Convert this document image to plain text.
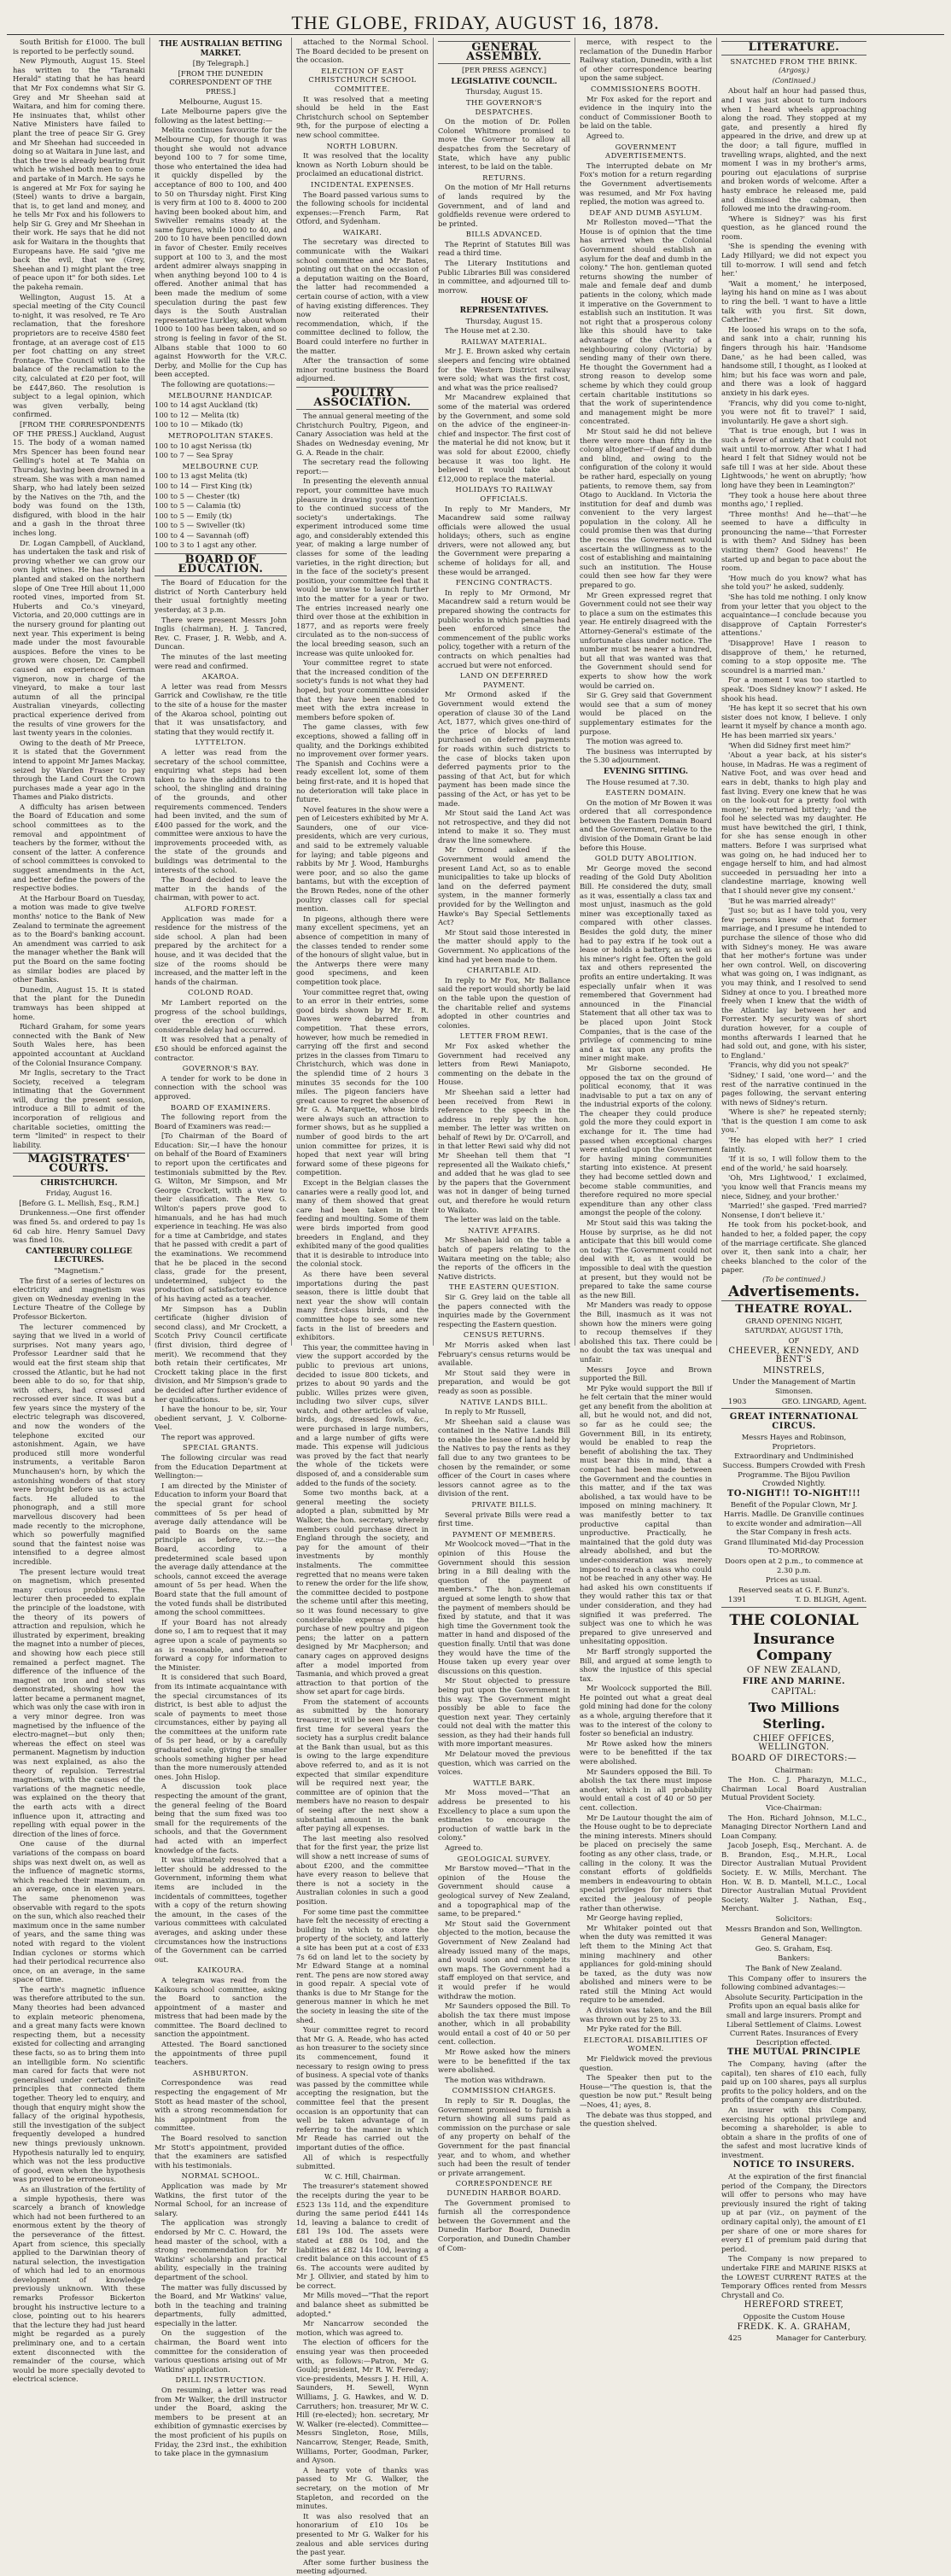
THE GLOBE, FRIDAY, AUGUST 16, 1878.

South British for £1000. The bull is reported to be perfectly sound.

New Plymouth, August 15. Steel has written to the "Taranaki Herald" stating that he has heard that Mr Fox condemns what Sir G. Grey and Mr Sheehan said at Waitara, and him for coming there. He insinuates that, whilst other Native Ministers have failed to plant the tree of peace Sir G. Grey and Mr Sheehan had succeeded in doing so at Waitara in June last, and that the tree is already bearing fruit which he wished both men to come and partake of in March. He says he is angered at Mr Fox for saying he (Steel) wants to drive a bargain, that is, to get land and money, and he tells Mr Fox and his followers to help Sir G. Grey and Mr Sheehan in their work. He says that he did not ask for Waitara in the thoughts that Europeans have. He said "give me back the evil, that we (Grey, Sheehan and I) might plant the tree of peace upon it" for both sides. Let the pakeha remain.

Wellington, August 15. At a special meeting of the City Council to-night, it was resolved, re Te Aro reclamation, that the foreshore proprietors are to receive 4580 feet frontage, at an average cost of £15 per foot chatting on any street frontage. The Council will take the balance of the reclamation to the city, calculated at £20 per foot, will be £447,860. The resolution is subject to a legal opinion, which was given verbally, being confirmed.

[FROM THE CORRESPONDENTS OF THE PRESS.] Auckland, August 15. The body of a woman named Mrs Spencer has been found near Gelling's hotel at Te Mahia on Thursday, having been drowned in a stream. She was with a man named Sharp, who had lately been seized by the Natives on the 7th, and the body was found on the 13th, disfigured, with blood in the hair and a gash in the throat three inches long.

Dr. Logan Campbell, of Auckland, has undertaken the task and risk of proving whether we can grow our own light wines. He has lately had planted and staked on the northern slope of One Tree Hill about 11,000 rooted vines, imported from St. Huberts and Co.'s vineyard, Victoria, and 20,000 cuttings are in the nursery ground for planting out next year. This experiment is being made under the most favourable auspices. Before the vines to be grown were chosen, Dr. Campbell caused an experienced German vigneron, now in charge of the vineyard, to make a tour last autumn of all the principal Australian vineyards, collecting practical experience derived from the results of vine growers for the last twenty years in the colonies.

Owing to the death of Mr Preece, it is stated that the Government intend to appoint Mr James Mackay, seized by Warden Fraser to pay through the Land Court the Crown purchases made a year ago in the Thames and Piako districts.

A difficulty has arisen between the Board of Education and some school committees as to the removal and appointment of teachers by the former, without the consent of the latter. A conference of school committees is convoked to suggest amendments in the Act, and better define the powers of the respective bodies.

At the Harbour Board on Tuesday, a motion was made to give twelve months' notice to the Bank of New Zealand to terminate the agreement as to the Board's banking account. An amendment was carried to ask the manager whether the Bank will put the Board on the same footing as similar bodies are placed by other Banks.

Dunedin, August 15. It is stated that the plant for the Dunedin tramways has been shipped at home.

Richard Graham, for some years connected with the Bank of New South Wales here, has been appointed accountant at Auckland of the Colonial Insurance Company.

Mr Inglis, secretary to the Tract Society, received a telegram intimating that the Government will, during the present session, introduce a Bill to admit of the incorporation of religious and charitable societies, omitting the term "limited" in respect to their liability.

MAGISTRATES' COURTS.
CHRISTCHURCH.

Friday, August 16.

[Before G. L. Mellish, Esq., R.M.]

Drunkenness.—One first offender was fined 5s. and ordered to pay 1s 6d cab hire. Henry Samuel Davy was fined 10s.

CANTERBURY COLLEGE LECTURES.

"Magnetism."

The first of a series of lectures on electricity and magnetism was given on Wednesday evening in the Lecture Theatre of the College by Professor Bickerton.

The lecturer commenced by saying that we lived in a world of surprises. Not many years ago, Professor Leardner said that he would eat the first steam ship that crossed the Atlantic, but he had not been able to do so, for that ship, with others, had crossed and recrossed ever since. It was but a few years since the mystery of the electric telegraph was discovered, and now the wonders of the telephone excited our astonishment. Again, we have produced still more wonderful instruments, a veritable Baron Munchausen's horn, by which the astonishing wonders of that story were brought before us as actual facts. He alluded to the phonograph, and a still more marvellous discovery had been made recently to the microphone, which so powerfully magnified sound that the faintest noise was intensified to a degree almost incredible.

The present lecture would treat on magnetism, which presented many curious problems. The lecturer then proceeded to explain the principle of the loadstone, with the theory of its powers of attraction and repulsion, which he illustrated by experiment, breaking the magnet into a number of pieces, and showing how each piece still remained a perfect magnet. The difference of the influence of the magnet on iron and steel was demonstrated, showing how the latter became a permanent magnet, which was only the case with iron in a very minor degree. Iron was magnetised by the influence of the electro-magnet—but only then; whereas the effect on steel was permanent. Magnetism by induction was next explained, as also the theory of repulsion. Terrestrial magnetism, with the causes of the variations of the magnetic needle, was explained on the theory that the earth acts with a direct influence upon it, attracting and repelling with equal power in the direction of the lines of force.

One cause of the diurnal variations of the compass on board ships was next dwelt on, as well as the influence of magnetic storms, which reached their maximum, on an average, once in eleven years. The same phenomenon was observable with regard to the spots on the sun, which also reached their maximum once in the same number of years, and the same thing was noted with regard to the violent Indian cyclones or storms which had their periodical recurrence also once, on an average, in the same space of time.

The earth's magnetic influence was therefore attributed to the sun. Many theories had been advanced to explain meteoric phenomena, and a great many facts were known respecting them, but a necessity existed for collecting and arranging these facts, so as to bring them into an intelligible form. No scientific man cared for facts that were not generalised under certain definite principles that connected them together. Theory led to enquiry, and though that enquiry might show the fallacy of the original hypothesis, still the investigation of the subject frequently developed a hundred new things previously unknown. Hypothesis naturally led to enquiry, which was not the less productive of good, even when the hypothesis was proved to be erroneous.

As an illustration of the fertility of a simple hypothesis, there was scarcely a branch of knowledge which had not been furthered to an enormous extent by the theory of the perseverance of the fittest. Apart from science, this specially applied to the Darwinian theory of natural selection, the investigation of which had led to an enormous development of knowledge previously unknown. With these remarks Professor Bickerton brought his instructive lecture to a close, pointing out to his hearers that the lecture they had just heard might be regarded as a purely preliminary one, and to a certain extent disconnected with the remainder of the course, which would be more specially devoted to electrical science.

THE AUSTRALIAN BETTING MARKET.

[By Telegraph.]

[FROM THE DUNEDIN CORRESPONDENT OF THE PRESS.]

Melbourne, August 15.

Late Melbourne papers give the following as the latest betting:—

Melita continues favourite for the Melbourne Cup, for though it was thought she would not advance beyond 100 to 7 for some time, those who entertained the idea had it quickly dispelled by the acceptance of 800 to 100, and 400 to 50 on Thursday night. First King is very firm at 100 to 8. 4000 to 200 having been booked about him, and Swiveller remains steady at the same figures, while 1000 to 40, and 200 to 10 have been pencilled down in favor of Chester. Emily receives support at 100 to 3, and the most ardent admirer always snapping in when anything beyond 100 to 4 is offered. Another animal that has been made the medium of some speculation during the past few days is the South Australian representative Lurkley, about whom 1000 to 100 has been taken, and so strong is feeling in favor of the St. Albans stable that 1000 to 60 against Howworth for the V.R.C. Derby, and Mollie for the Cup has been accepted.

The following are quotations:—

MELBOURNE HANDICAP.

100 to 14 agst Auckland (tk)

100 to 12 — Melita (tk)

100 to 10 — Mikado (tk)

METROPOLITAN STAKES.

100 to 10 agst Nerissa (tk)

100 to 7 — Sea Spray

MELBOURNE CUP.

100 to 13 agst Melita (tk)

100 to 14 — First King (tk)

100 to 5 — Chester (tk)

100 to 5 — Calamia (tk)

100 to 5 — Emily (tk)

100 to 5 — Swiveller (tk)

100 to 4 — Savannah (off)

100 to 3 to 1 agst any other.

BOARD OF EDUCATION.

The Board of Education for the district of North Canterbury held their usual fortnightly meeting yesterday, at 3 p.m.

There were present Messrs John Inglis (chairman), H. J. Tancred, Rev. C. Fraser, J. R. Webb, and A. Duncan.

The minutes of the last meeting were read and confirmed.

AKAROA.

A letter was read from Messrs Garrick and Cowlishaw, re the title to the site of a house for the master of the Akaroa school, pointing out that it was unsatisfactory, and stating that they would rectify it.

LYTTELTON.

A letter was read from the secretary of the school committee, enquiring what steps had been taken to have the additions to the school, the shingling and draining of the grounds, and other requirements commenced. Tenders had been invited, and the sum of £400 passed for the work, and the committee were anxious to have the improvements proceeded with, as the state of the grounds and buildings was detrimental to the interests of the school.

The Board decided to leave the matter in the hands of the chairman, with power to act.

ALFORD FOREST.

Application was made for a residence for the mistress of the side school. A plan had been prepared by the architect for a house, and it was decided that the size of the rooms should be increased, and the matter left in the hands of the chairman.

COLOND ROAD.

Mr Lambert reported on the progress of the school buildings, over the erection of which considerable delay had occurred.

It was resolved that a penalty of £50 should be enforced against the contractor.

GOVERNOR'S BAY.

A tender for work to be done in connection with the school was approved.

BOARD OF EXAMINERS.

The following report from the Board of Examiners was read:—

[To Chairman of the Board of Education: Sir,—I have the honour on behalf of the Board of Examiners to report upon the certificates and testimonials submitted by the Rev. G. Wilton, Mr Simpson, and Mr George Crockett, with a view to their classification. The Rev. G. Wilton's papers prove good to himanuals, and he has had much experience in teaching. He was also for a time at Cambridge, and states that he passed with credit a part of the examinations. We recommend that he be placed in the second class, grade for the present, undetermined, subject to the production of satisfactory evidence of his having acted as a teacher.

Mr Simpson has a Dublin certificate (higher division of second class), and Mr Crockett, a Scotch Privy Council certificate (first division, third degree of merit). We recommend that they both retain their certificates, Mr Crockett taking place in the first division, and Mr Simpson's grade to be decided after further evidence of her qualifications.

I have the honour to be, sir, Your obedient servant, J. V. Colborne-Veel.

The report was approved.

SPECIAL GRANTS.

The following circular was read from the Education Department at Wellington:—

I am directed by the Minister of Education to inform your Board that the special grant for school committees of 5s per head of average daily attendance will be paid to Boards on the same principle as before, viz.:—the Board, according to a predetermined scale based upon the average daily attendance at the schools, cannot exceed the average amount of 5s per head. When the Board state that the full amount of the voted funds shall be distributed among the school committees.

If your Board has not already done so, I am to request that it may agree upon a scale of payments so as is reasonable, and thereafter forward a copy for information to the Minister.

It is considered that such Board, from its intimate acquaintance with the special circumstances of its district, is best able to adjust the scale of payments to meet those circumstances, either by paying all the committees at the uniform rate of 5s per head, or by a carefully graduated scale, giving the smaller schools something higher per head than the more numerously attended ones. John Hislop.

A discussion took place respecting the amount of the grant, the general feeling of the Board being that the sum fixed was too small for the requirements of the schools, and that the Government had acted with an imperfect knowledge of the facts.

It was ultimately resolved that a letter should be addressed to the Government, informing them what items are included in the incidentals of committees, together with a copy of the return showing the amount, in the cases of the various committees with calculated averages, and asking under these circumstances how the instructions of the Government can be carried out.

KAIKOURA.

A telegram was read from the Kaikoura school committee, asking the Board to sanction the appointment of a master and mistress that had been made by the committee. The Board declined to sanction the appointment.

Attested. The Board sanctioned the appointments of three pupil teachers.

ASHBURTON.

Correspondence was read respecting the engagement of Mr Stott as head master of the school, with a strong recommendation for his appointment from the committee.

The Board resolved to sanction Mr Stott's appointment, provided that the examiners are satisfied with his testimonials.

NORMAL SCHOOL.

Application was made by Mr Watkins, the first tutor of the Normal School, for an increase of salary.

The application was strongly endorsed by Mr C. C. Howard, the head master of the school, with a strong recommendation for Mr Watkins' scholarship and practical ability, especially in the training department of the school.

The matter was fully discussed by the Board, and Mr Watkins' value, both in the teaching and training departments, fully admitted, especially in the latter.

On the suggestion of the chairman, the Board went into committee for the consideration of various questions arising out of Mr Watkins' application.

DRILL INSTRUCTION.

On resuming, a letter was read from Mr Walker, the drill instructor under the Board, asking the members to be present at an exhibition of gymnastic exercises by the most proficient of his pupils on Friday, the 23rd inst., the exhibition to take place in the gymnasium

attached to the Normal School. The Board decided to be present on the occasion.

ELECTION OF EAST CHRISTCHURCH SCHOOL COMMITTEE.

It was resolved that a meeting should be held in the East Christchurch school on September 9th, for the purpose of electing a new school committee.

NORTH LOBURN.

It was resolved that the locality known as North Loburn should be proclaimed an educational district.

INCIDENTAL EXPENSES.

The Board passed various sums to the following schools for incidental expenses:—French Farm, Rat Otford, and Sydenham.

WAIKARI.

The secretary was directed to communicate with the Waikari school committee and Mr Bates, pointing out that on the occasion of a deputation waiting on the Board, the latter had recommended a certain course of action, with a view of having existing differences. They now reiterated their recommendation, which, if the committee declined to follow, the Board could interfere no further in the matter.

After the transaction of some minor routine business the Board adjourned.

POULTRY ASSOCIATION.

The annual general meeting of the Christchurch Poultry, Pigeon, and Canary Association was held at the Shades on Wednesday evening, Mr G. A. Reade in the chair.

The secretary read the following report:—

In presenting the eleventh annual report, your committee have much pleasure in drawing your attention to the continued success of the society's undertakings. The experiment introduced some time ago, and considerably extended this year, of making a large number of classes for some of the leading varieties, in the right direction; but in the face of the society's present position, your committee feel that it would be unwise to launch further into the matter for a year or two. The entries increased nearly one third over those at the exhibition in 1877, and as reports were freely circulated as to the non-success of the local breeding season, such an increase was quite unlooked for.

Your committee regret to state that the increased condition of the society's funds is not what they had hoped, but your committee consider that they have been enabled to meet with the extra increase in members before spoken of.

The game classes, with few exceptions, showed a falling off in quality, and the Dorkings exhibited no improvement over former years. The Spanish and Cochins were a ready excellent lot, some of them being first-rate, and it is hoped that no deterioration will take place in future.

Novel features in the show were a pen of Leicesters exhibited by Mr A. Saunders, one of our vice-presidents, which are very curious, and said to be extremely valuable for laying; and table pigeons and rabbits by Mr J. Wood, Hamburghs were poor, and so also the game bantams, but with the exception of the Brown Redes, none of the other poultry classes call for special mention.

In pigeons, although there were many excellent specimens, yet an absence of competition in many of the classes tended to render some of the honours of slight value, but in the Antwerps there were many good specimens, and keen competition took place.

Your committee regret that, owing to an error in their entries, some good birds shown by Mr E. R. Dawes were debarred from competition. That these errors, however, how much be remedied in carrying off the first and second prizes in the classes from Timaru to Christchurch, which was done in the splendid time of 2 hours 3 minutes 35 seconds for the 100 miles. The pigeon fanciers have great cause to regret the absence of Mr G. A. Marquette, whose birds were always such an attraction to former shows, but as he supplied a number of good birds to the art union committee for prizes, it is hoped that next year will bring forward some of these pigeons for competition.

Except in the Belgian classes the canaries were a really good lot, and many of them showed that great care had been taken in their feeding and moulting. Some of them were birds imported from good breeders in England, and they exhibited many of the good qualities that it is desirable to introduce into the colonial stock.

As there have been several importations during the past season, there is little doubt that next year the show will contain many first-class birds, and the committee hope to see some new facts in the list of breeders and exhibitors.

This year, the committee having in view the support accorded by the public to previous art unions, decided to issue 800 tickets, and prizes to about 90 yards and the public. Willes prizes were given, including two silver cups, silver watch, and other articles of value, birds, dogs, dressed fowls, &c., were purchased in large numbers, and a large number of gifts were made. This expense will judicious was proved by the fact that nearly the whole of the tickets were disposed of, and a considerable sum added to the funds of the society.

Some two months back, at a general meeting the society adopted a plan, submitted by Mr Walker, the hon. secretary, whereby members could purchase direct in England through the society, and pay for the amount of their investments by monthly instalments. The committee regretted that no means were taken to renew the order for the life show, the committee decided to postpone the scheme until after this meeting, so it was found necessary to give considerable expense in the purchase of new poultry and pigeon pens; the latter on a pattern designed by Mr Macpherson; and canary cages on approved designs after a model imported from Tasmania, and which proved a great attraction to that portion of the show set apart for cage birds.

From the statement of accounts as submitted by the honorary treasurer, it will be seen that for the first time for several years the society has a surplus credit balance at the Bank than usual, but as this is owing to the large expenditure above referred to, and as it is not expected that similar expenditure will be required next year, the committee are of opinion that the members have no reason to despair of seeing after the next show a substantial amount in the bank after paying all expenses.

The last meeting also resolved that for the first year, the prize list will show a nett increase of sums of about £200, and the committee have every reason to believe that there is not a society in the Australian colonies in such a good position.

For some time past the committee have felt the necessity of erecting a building in which to store the property of the society, and latterly a site has been put at a cost of £33 7s 6d on land let to the society by Mr Edward Stange at a nominal rent. The pens are now stored away in good repair. A special vote of thanks is due to Mr Stange for the generous manner in which he met the society in leasing the site of the shed.

Your committee regret to record that Mr G. A. Reade, who has acted as hon treasurer to the society since its commencement, found it necessary to resign owing to press of business. A special vote of thanks was passed by the committee while accepting the resignation, but the committee feel that the present occasion is an opportunity that can well be taken advantage of in referring to the manner in which Mr Reade has carried out the important duties of the office.

All of which is respectfully submitted.

W. C. Hill, Chairman.

The treasurer's statement showed the receipts during the year to be £523 13s 11d, and the expenditure during the same period £441 14s 1d, leaving a balance to credit of £81 19s 10d. The assets were stated at £88 0s 10d, and the liabilities at £82 14s 10d, leaving a credit balance on this account of £5 6s. The accounts were audited by Mr J. Ollivier, and stated by him to be correct.

Mr Mills moved—"That the report and balance sheet as submitted be adopted."

Mr Nancarrow seconded the motion, which was agreed to.

The election of officers for the ensuing year was then proceeded with, as follows:—Patron, Mr G. Gould; president, Mr R. W. Fereday; vice-presidents, Messrs J. H. Hill, A. Saunders, H. Sewell, Wynn Williams, J. G. Hawkes, and W. D. Carruthers; hon. treasurer, Mr W. C. Hill (re-elected); hon. secretary, Mr W. Walker (re-elected). Committee—Messrs Singleton, Rose, Mills, Nancarrow, Stenger, Reade, Smith, Williams, Porter, Goodman, Parker, and Ayson.

A hearty vote of thanks was passed to Mr G. Walker, the secretary, on the motion of Mr Stapleton, and recorded on the minutes.

It was also resolved that an honorarium of £10 10s be presented to Mr G. Walker for his zealous and able services during the past year.

After some further business the meeting adjourned.

GENERAL ASSEMBLY.

[PER PRESS AGENCY.]

LEGISLATIVE COUNCIL.

Thursday, August 15.

THE GOVERNOR'S DESPATCHES.

On the motion of Dr. Pollen Colonel Whitmore promised to move the Governor to allow all despatches from the Secretary of State, which have any public interest, to be laid on the table.

RETURNS.

On the motion of Mr Hall returns of lands required by the Government, and of land and goldfields revenue were ordered to be printed.

BILLS ADVANCED.

The Reprint of Statutes Bill was read a third time.

The Literary Institutions and Public Libraries Bill was considered in committee, and adjourned till to-morrow.

HOUSE OF REPRESENTATIVES.

Thursday, August 15.

The House met at 2.30.

RAILWAY MATERIAL.

Mr J. E. Brown asked why certain sleepers and fencing wire obtained for the Western District railway were sold; what was the first cost, and what was the price realised?

Mr Macandrew explained that some of the material was ordered by the Government, and some sold on the advice of the engineer-in-chief and inspector. The first cost of the material he did not know, but it was sold for about £2000, chiefly because it was too light. He believed it would take about £12,000 to replace the material.

HOLIDAYS TO RAILWAY OFFICIALS.

In reply to Mr Manders, Mr Macandrew said some railway officials were allowed the usual holidays; others, such as engine drivers, were not allowed any, but the Government were preparing a scheme of holidays for all, and these would be arranged.

FENCING CONTRACTS.

In reply to Mr Ormond, Mr Macandrew said a return would be prepared showing the contracts for public works in which penalties had been enforced since the commencement of the public works policy, together with a return of the contracts on which penalties had accrued but were not enforced.

LAND ON DEFERRED PAYMENT.

Mr Ormond asked if the Government would extend the operation of clause 30 of the Land Act, 1877, which gives one-third of the price of blocks of land purchased on deferred payments for roads within such districts to the case of blocks taken upon deferred payments prior to the passing of that Act, but for which payment has been made since the passing of the Act, or has yet to be made.

Mr Stout said the Land Act was not retrospective, and they did not intend to make it so. They must draw the line somewhere.

Mr Ormond asked if the Government would amend the present Land Act, so as to enable municipalities to take up blocks of land on the deferred payment system, in the manner formerly provided for by the Wellington and Hawke's Bay Special Settlements Act?

Mr Stout said those interested in the matter should apply to the Government. No applications of the kind had yet been made to them.

CHARITABLE AID.

In reply to Mr Fox, Mr Ballance said the report would shortly be laid on the table upon the question of the charitable relief and systems adopted in other countries and colonies.

LETTER FROM REWI.

Mr Fox asked whether the Government had received any letters from Rewi Maniapoto, commenting on the debate in the House.

Mr Sheehan said a letter had been received from Rewi in reference to the speech in the address in reply by the hon. member. The letter was written on behalf of Rewi by Dr. O'Carroll, and in that letter Rewi said why did not Mr Sheehan tell them that "I represented all the Waikato chiefs," and added that he was glad to see by the papers that the Government was not in danger of being turned out, and therefore he would return to Waikato.

The letter was laid on the table.

NATIVE AFFAIRS.

Mr Sheehan laid on the table a batch of papers relating to the Waitara meeting on the table; also the reports of the officers in the Native districts.

THE EASTERN QUESTION.

Sir G. Grey laid on the table all the papers connected with the inquiries made by the Government respecting the Eastern question.

CENSUS RETURNS.

Mr Morris asked when last February's census returns would be available.

Mr Stout said they were in preparation, and would be got ready as soon as possible.

NATIVE LANDS BILL.

In reply to Mr Russell,

Mr Sheehan said a clause was contained in the Native Lands Bill to enable the lessee of land held by the Natives to pay the rents as they fall due to any two grantees to be chosen by the remainder, or some officer of the Court in cases where lessors cannot agree as to the division of the rent.

PRIVATE BILLS.

Several private Bills were read a first time.

PAYMENT OF MEMBERS.

Mr Woolcock moved—"That in the opinion of this House the Government should this session bring in a Bill dealing with the question of the payment of members." The hon. gentleman argued at some length to show that the payment of members should be fixed by statute, and that it was high time the Government took the matter in hand and disposed of the question finally. Until that was done they would have the time of the House taken up every year over discussions on this question.

Mr Stout objected to pressure being put upon the Government in this way. The Government might possibly be able to face the question next year. They certainly could not deal with the matter this session, as they had their hands full with more important measures.

Mr Delatour moved the previous question, which was carried on the voices.

WATTLE BARK.

Mr Moss moved—"That an address be presented to his Excellency to place a sum upon the estimates to encourage the production of wattle bark in the colony."

Agreed to.

GEOLOGICAL SURVEY.

Mr Barstow moved—"That in the opinion of the House the Government should cause a geological survey of New Zealand, and a topographical map of the same, to be prepared."

Mr Stout said the Government objected to the motion, because the Government of New Zealand had already issued many of the maps, and would soon and complete its own maps. The Government had a staff employed on that service, and it would prefer if he would withdraw the motion.

Mr Saunders opposed the Bill. To abolish the tax there must impose another, which in all probability would entail a cost of 40 or 50 per cent. collection.

Mr Rowe asked how the miners were to be benefitted if the tax were abolished.

The motion was withdrawn.

COMMISSION CHARGES.

In reply to Sir R. Douglas, the Government promised to furnish a return showing all sums paid as commission on the purchase or sale of any property on behalf of the Government for the past financial year, and to whom, and whether such had been the result of tender or private arrangement.

CORRESPONDENCE RE DUNEDIN HARBOR BOARD.

The Government promised to furnish all the correspondence between the Government and the Dunedin Harbor Board, Dunedin Corporation, and Dunedin Chamber of Com-

merce, with respect to the reclamation of the Dunedin Harbor Railway station, Dunedin, with a list of other correspondence bearing upon the same subject.

COMMISSIONERS BOOTH.

Mr Fox asked for the report and evidence in the inquiry into the conduct of Commissioner Booth to be laid on the table.

Agreed to.

GOVERNMENT ADVERTISEMENTS.

The interrupted debate on Mr Fox's motion for a return regarding the Government advertisements was resumed, and Mr Fox having replied, the motion was agreed to.

DEAF AND DUMB ASYLUM.

Mr Rolleston moved—"That the House is of opinion that the time has arrived when the Colonial Government should establish an asylum for the deaf and dumb in the colony." The hon. gentleman quoted returns showing the number of male and female deaf and dumb patients in the colony, which made it imperative on the Government to establish such an institution. It was not right that a prosperous colony like this should have to take advantage of the charity of a neighbouring colony (Victoria) by sending many of their own there. He thought the Government had a strong reason to develop some scheme by which they could group certain charitable institutions so that the work of superintendence and management might be more concentrated.

Mr Stout said he did not believe there were more than fifty in the colony altogether—if deaf and dumb and blind, and owing to the configuration of the colony it would be rather hard, especially on young patients, to remove them, say from Otago to Auckland. In Victoria the institution for deaf and dumb was convenient to the very largest population in the colony. All he could promise then was that during the recess the Government would ascertain the willingness as to the cost of establishing and maintaining such an institution. The House could then see how far they were prepared to go.

Mr Green expressed regret that Government could not see their way to place a sum on the estimates this year. He entirely disagreed with the Attorney-General's estimate of the unfortunate class under notice. The number must be nearer a hundred, but all that was wanted was that the Government should send for experts to show how the work would be carried on.

Sir G. Grey said that Government would see that a sum of money would be placed on the supplementary estimates for the purpose.

The motion was agreed to.

The business was interrupted by the 5.30 adjournment.

EVENING SITTING.

The House resumed at 7.30.

EASTERN DOMAIN.

On the motion of Mr Bowen it was ordered that all correspondence between the Eastern Domain Board and the Government, relative to the division of the Domain Grant be laid before this House.

GOLD DUTY ABOLITION.

Mr George moved the second reading of the Gold Duty Abolition Bill. He considered the duty, small as it was, essentially a class tax and most unjust, inasmuch as the gold miner was exceptionally taxed as compared with other classes. Besides the gold duty, the miner had to pay extra if he took out a lease or holds a battery, as well as his miner's right fee. Often the gold tax and others represented the profits an entire undertaking. It was especially unfair when it was remembered that Government had announced in the Financial Statement that all other tax was to be placed upon Joint Stock Companies, that is the case of the privilege of commencing to mine and a tax upon any profits the miner might make.

Mr Gisborne seconded. He opposed the tax on the ground of political economy, that it was inadvisable to put a tax on any of the industrial exports of the colony. The cheaper they could produce gold the more they could export in exchange for it. The time had passed when exceptional charges were entailed upon the Government for having mining communities starting into existence. At present they had become settled down and become stable communities, and therefore required no more special expenditure than any other class amongst the people of the colony.

Mr Stout said this was taking the House by surprise, as he did not anticipate that this bill would come on today. The Government could not deal with it, as it would be impossible to deal with the question at present, but they would not be prepared to take the same course as the new Bill.

Mr Manders was ready to oppose the Bill, inasmuch as it was not shown how the miners were going to recoup themselves if they abolished this tax. There could be no doubt the tax was unequal and unfair.

Messrs Joyce and Brown supported the Bill.

Mr Pyke would support the Bill if he felt certain that the miner would get any benefit from the abolition at all, but he would not, and did not, so far as he could see; the Government Bill, in its entirety, would be enabled to reap the benefit of abolishing the tax. They must bear this in mind, that a compact had been made between the Government and the counties in this matter, and if the tax was abolished, a tax would have to be imposed on mining machinery. It was manifestly better to tax productive capital than unproductive. Practically, he maintained that the gold duty was already abolished, and but the under-consideration was merely imposed to reach a class who could not be reached in any other way. He had asked his own constituents if they would rather this tax or that under consideration, and they had signified it was preferred. The subject was one to which he was prepared to give unreserved and unhesitating opposition.

Mr Barff strongly supported the Bill, and argued at some length to show the injustice of this special tax.

Mr Woolcock supported the Bill. He pointed out what a great deal gold mining had done for the colony as a whole, arguing therefore that it was to the interest of the colony to foster so beneficial an industry.

Mr Rowe asked how the miners were to be benefitted if the tax were abolished.

Mr Saunders opposed the Bill. To abolish the tax there must impose another, which in all probability would entail a cost of 40 or 50 per cent. collection.

Mr De Lautour thought the aim of the House ought to be to depreciate the mining interests. Miners should be placed on precisely the same footing as any other class, trade, or calling in the colony. It was the constant efforts of goldfields members in endeavouring to obtain special privileges for miners that excited the jealousy of people rather than otherwise.

Mr George having replied,

Mr Whitaker pointed out that when the duty was remitted it was left them to the Mining Act that mining machinery and other appliances for gold-mining should be taxed, as the duty was now abolished and miners were to be rated still the Mining Act would require to be amended.

A division was taken, and the Bill was thrown out by 25 to 33.

Mr Pyke rated for the Bill.

ELECTORAL DISABILITIES OF WOMEN.

Mr Fieldwick moved the previous question.

The Speaker then put to the House—"The question is, that the question be now put." Result being—Noes, 41; ayes, 8.

The debate was thus stopped, and the question shelved.

LITERATURE.
SNATCHED FROM THE BRINK.

(Argosy.)

(Continued.)

About half an hour had passed thus, and I was just about to turn indoors when I heard wheels approaching along the road. They stopped at my gate, and presently a hired fly appeared in the drive, and drew up at the door; a tall figure, muffled in travelling wraps, alighted, and the next moment I was in my brother's arms, pouring out ejaculations of surprise and broken words of welcome. After a hasty embrace he released me, paid and dismissed the cabman, then followed me into the drawing-room.

'Where is Sidney?' was his first question, as he glanced round the room.

'She is spending the evening with Lady Hillyard; we did not expect you till to-morrow. I will send and fetch her.'

'Wait a moment,' he interposed, laying his hand on mine as I was about to ring the bell. 'I want to have a little talk with you first. Sit down, Catherine.'

He loosed his wraps on to the sofa, and sank into a chair, running his fingers through his hair. 'Handsome Dane,' as he had been called, was handsome still, I thought, as I looked at him; but his face was worn and pale, and there was a look of haggard anxiety in his dark eyes.

'Francis, why did you come to-night, you were not fit to travel?' I said, involuntarily. He gave a short sigh.

'That is true enough, but I was in such a fever of anxiety that I could not wait until to-morrow. After what I had heard I felt that Sidney would not be safe till I was at her side. About these Lightwoods,' he went on abruptly; 'how long have they been in Leamington?'

'They took a house here about three months ago,' I replied.

'Three months! And he—that'—he seemed to have a difficulty in pronouncing the name—'that Forrester is with them? And Sidney has been visiting them? Good heavens!' He started up and began to pace about the room.

'How much do you know? what has she told you?' he asked, suddenly.

'She has told me nothing. I only know from your letter that you object to the acquaintance—I conclude because you disapprove of Captain Forrester's attentions.'

'Disapprove! Have I reason to disapprove of them,' he returned, coming to a stop opposite me. 'The scoundrel is a married man.'

For a moment I was too startled to speak. 'Does Sidney know?' I asked. He shook his head.

'He has kept it so secret that his own sister does not know, I believe. I only learnt it myself by chance a month ago. He has been married six years.'

'When did Sidney first meet him?'

'About a year back, at his sister's house, in Madras. He was a regiment of Native Foot, and was over head and ears in debt, thanks to high play and fast living. Every one knew that he was on the look-out for a pretty fool with money,' he returned bitterly; 'and the fool he selected was my daughter. He must have bewitched the girl, I think, for she has sense enough in other matters. Before I was surprised what was going on, he had induced her to engage herself to him, and had almost succeeded in persuading her into a clandestine marriage, knowing well that I should never give my consent.'

'But he was married already!'

'Just so; but as I have told you, very few persons knew of that former marriage, and I presume he intended to purchase the silence of those who did with Sidney's money. He was aware that her mother's fortune was under her own control. Well, on discovering what was going on, I was indignant, as you may think, and I resolved to send Sidney at once to you. I breathed more freely when I knew that the width of the Atlantic lay between her and Forrester. My security was of short duration however, for a couple of months afterwards I learned that he had sold out, and gone, with his sister, to England.'

'Francis, why did you not speak?'

'Sidney,' I said, 'one word—' and the rest of the narrative continued in the pages following, the servant entering with news of Sidney's return.

'Where is she?' he repeated sternly; 'that is the question I am come to ask you.'

'He has eloped with her?' I cried faintly.

'If it is so, I will follow them to the end of the world,' he said hoarsely.

'Oh, Mrs Lightwood,' I exclaimed, 'you know well that Francis means my niece, Sidney, and your brother.'

'Married!' she gasped. 'Fred married? Nonsense, I don't believe it.'

He took from his pocket-book, and handed to her, a folded paper, the copy of the marriage certificate. She glanced over it, then sank into a chair, her cheeks blanched to the color of the paper.

(To be continued.)

Advertisements.

THEATRE ROYAL.

GRAND OPENING NIGHT,

SATURDAY, AUGUST 17th,

OF

CHEEVER, KENNEDY, AND BENT'S

MINSTRELS,

Under the Management of Martin Simonsen.

1903	GEO. LINGARD, Agent.

GREAT INTERNATIONAL CIRCUS.

Messrs Hayes and Robinson, Proprietors.

Extraordinary and Undiminished Success. Bumpers Crowded with Fresh Programme. The Bijou Pavilion Crowded Nightly.

TO-NIGHT!! TO-NIGHT!!!

Benefit of the Popular Clown, Mr J. Harris. Madlle. De Granville continues to excite wonder and admiration—All the Star Company in fresh acts.

Grand Illuminated Mid-day Procession TO-MORROW.

Doors open at 2 p.m., to commence at 2.30 p.m.

Prices as usual.

Reserved seats at G. F. Bunz's.

1391	T. D. BLIGH, Agent.

THE COLONIAL

Insurance Company

OF NEW ZEALAND,

FIRE AND MARINE.

CAPITAL:

Two Millions Sterling.

CHIEF OFFICES, WELLINGTON.

BOARD OF DIRECTORS:—

Chairman:

The Hon. C. J. Pharazyn, M.L.C., Chairman Local Board Australian Mutual Provident Society.

Vice-Chairman:

The Hon. Richard Johnson, M.L.C., Managing Director Northern Land and Loan Company.

Jacob Joseph, Esq., Merchant. A. de B. Brandon, Esq., M.H.R., Local Director Australian Mutual Provident Society. E. W. Mills, Merchant. The Hon. W. B. D. Mantell, M.L.C., Local Director Australian Mutual Provident Society. Walter J. Nathan, Esq., Merchant.

Solicitors:

Messrs Brandon and Son, Wellington.

General Manager:

Geo. S. Graham, Esq.

Bankers:

The Bank of New Zealand.

This Company offer to insurers the following combined advantages:—

Absolute Security. Participation in the Profits upon an equal basis alike for small and large insurers. Prompt and Liberal Settlement of Claims. Lowest Current Rates. Insurances of Every Description effected.

THE MUTUAL PRINCIPLE

The Company, having (after the capital), ten shares of £10 each, fully paid up on 100 shares, pays all surplus profits to the policy holders, and on the profits of the company are distributed.

An insurer with this Company, exercising his optional privilege and becoming a shareholder, is able to obtain a share in the profits of one of the safest and most lucrative kinds of investment.

NOTICE TO INSURERS.

At the expiration of the first financial period of the Company, the Directors will offer to persons who may have previously insured the right of taking up at par (viz., on payment of the ordinary capital only), the amount of £1 per share of one or more shares for every £1 of premium paid during that period.

The Company is now prepared to undertake FIRE and MARINE RISKS at the LOWEST CURRENT RATES at the Temporary Offices rented from Messrs Chrystall and Co.

HEREFORD STREET,

Opposite the Custom House

FREDK. K. A. GRAHAM,

425	Manager for Canterbury.
